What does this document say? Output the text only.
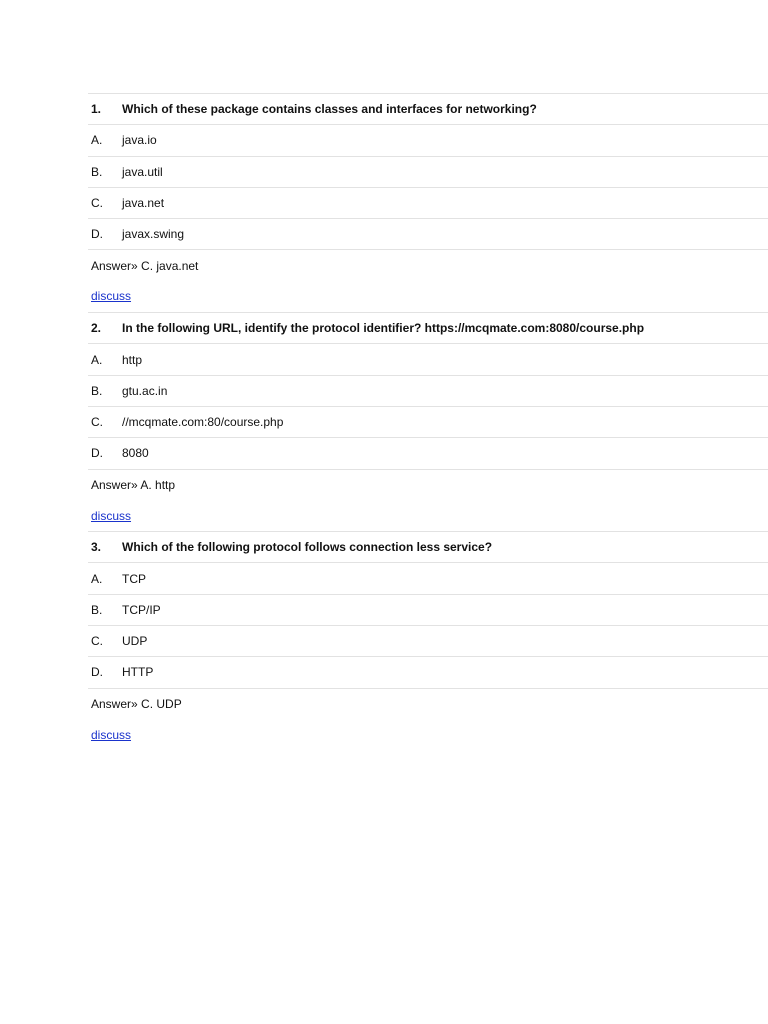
1.	Which of these package contains classes and interfaces for networking?
A.	java.io
B.	java.util
C.	java.net
D.	javax.swing
Answer» C. java.net
discuss
2.	In the following URL, identify the protocol identifier? https://mcqmate.com:8080/course.php
A.	http
B.	gtu.ac.in
C.	//mcqmate.com:80/course.php
D.	8080
Answer» A. http
discuss
3.	Which of the following protocol follows connection less service?
A.	TCP
B.	TCP/IP
C.	UDP
D.	HTTP
Answer» C. UDP
discuss
